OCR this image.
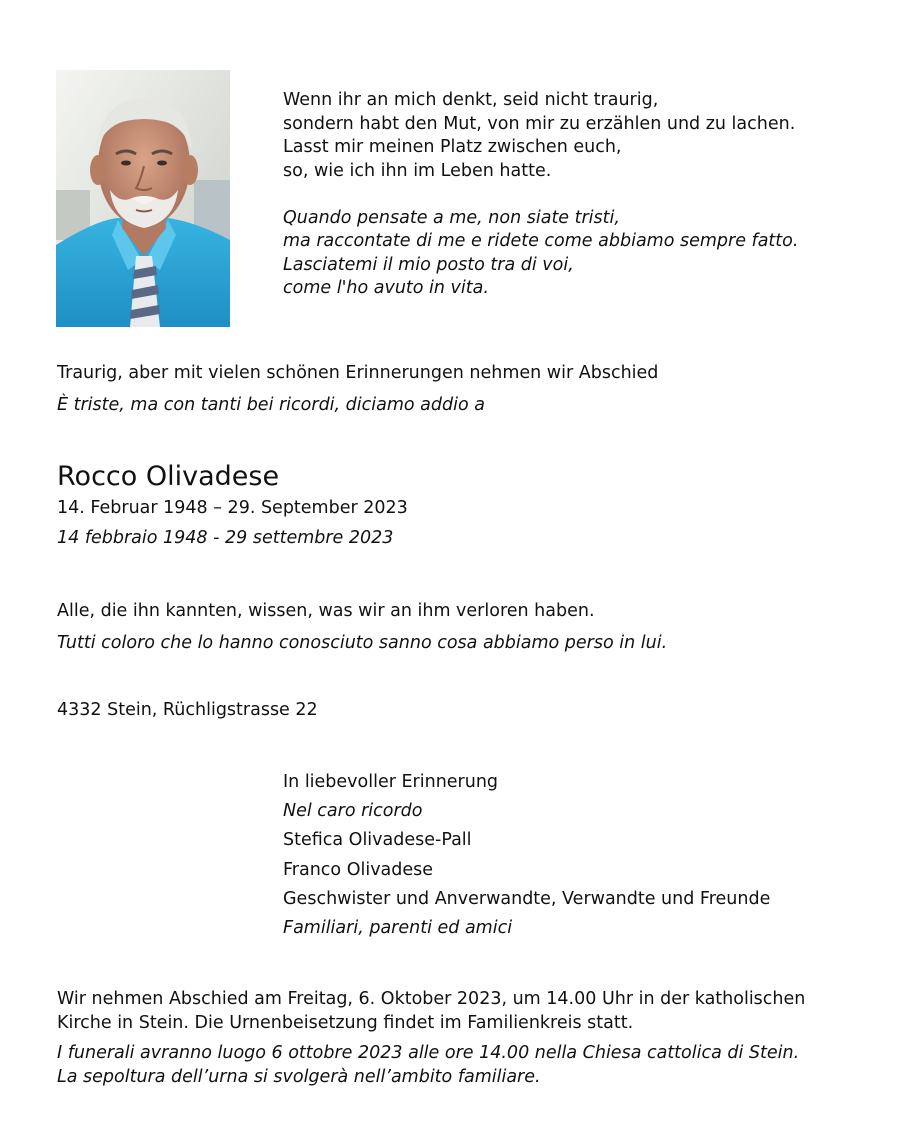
Wenn ihr an mich denkt, seid nicht traurig,
sondern habt den Mut, von mir zu erzählen und zu lachen.
Lasst mir meinen Platz zwischen euch,
so, wie ich ihn im Leben hatte.
Quando pensate a me, non siate tristi,
ma raccontate di me e ridete come abbiamo sempre fatto.
Lasciatemi il mio posto tra di voi,
come l'ho avuto in vita.
Traurig, aber mit vielen schönen Erinnerungen nehmen wir Abschied
È triste, ma con tanti bei ricordi, diciamo addio a
Rocco Olivadese
14. Februar 1948 – 29. September 2023
14 febbraio 1948 - 29 settembre 2023
Alle, die ihn kannten, wissen, was wir an ihm verloren haben.
Tutti coloro che lo hanno conosciuto sanno cosa abbiamo perso in lui.
4332 Stein, Rüchligstrasse 22
In liebevoller Erinnerung
Nel caro ricordo
Stefica Olivadese-Pall
Franco Olivadese
Geschwister und Anverwandte, Verwandte und Freunde
Familiari, parenti ed amici
Wir nehmen Abschied am Freitag, 6. Oktober 2023, um 14.00 Uhr in der katholischen
Kirche in Stein. Die Urnenbeisetzung findet im Familienkreis statt.
I funerali avranno luogo 6 ottobre 2023 alle ore 14.00 nella Chiesa cattolica di Stein.
La sepoltura dell’urna si svolgerà nell’ambito familiare.
